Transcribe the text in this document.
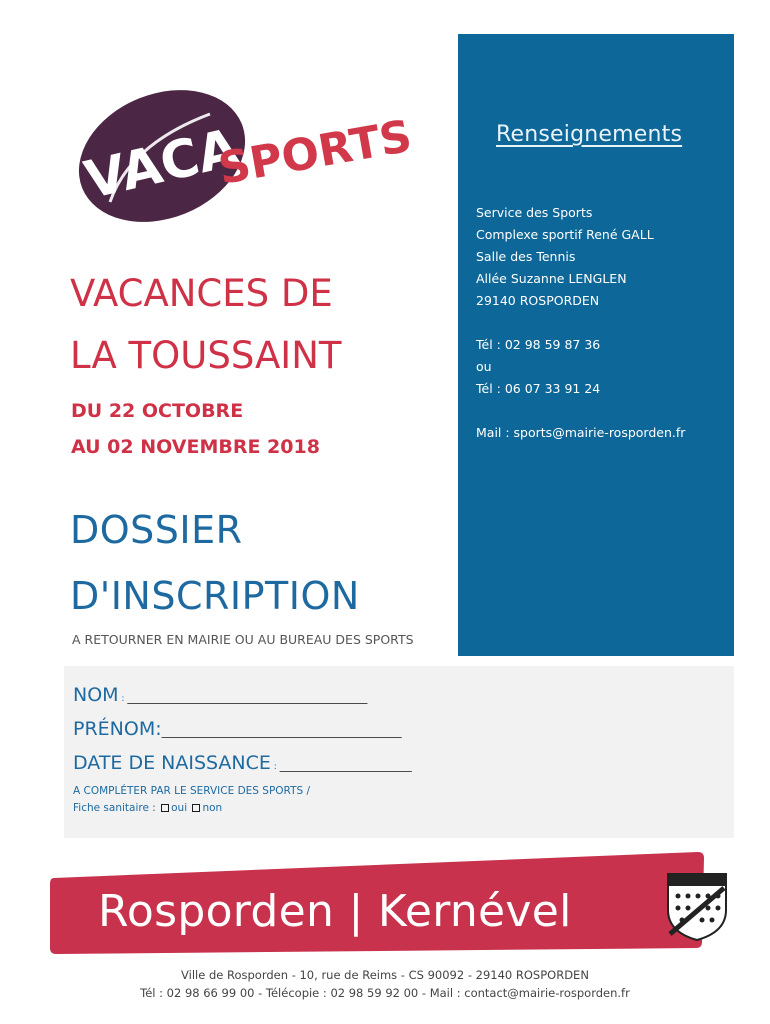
VACA
SPORTS
VACANCES DE
LA TOUSSAINT
DU 22 OCTOBRE
AU 02 NOVEMBRE 2018
DOSSIER
D'INSCRIPTION
A RETOURNER EN MAIRIE OU AU BUREAU DES SPORTS
Renseignements
Service des Sports
Complexe sportif René GALL
Salle des Tennis
Allée Suzanne LENGLEN
29140 ROSPORDEN
Tél : 02 98 59 87 36
ou
Tél : 06 07 33 91 24
Mail : sports@mairie-rosporden.fr
NOM : ________________________________________
PRÉNOM:________________________________________
DATE DE NAISSANCE : ______________________
A COMPLÉTER PAR LE SERVICE DES SPORTS /
Fiche sanitaire : oui non
Rosporden | Kernével
Ville de Rosporden - 10, rue de Reims - CS 90092 - 29140 ROSPORDEN
Tél : 02 98 66 99 00 - Télécopie : 02 98 59 92 00 - Mail : contact@mairie-rosporden.fr
